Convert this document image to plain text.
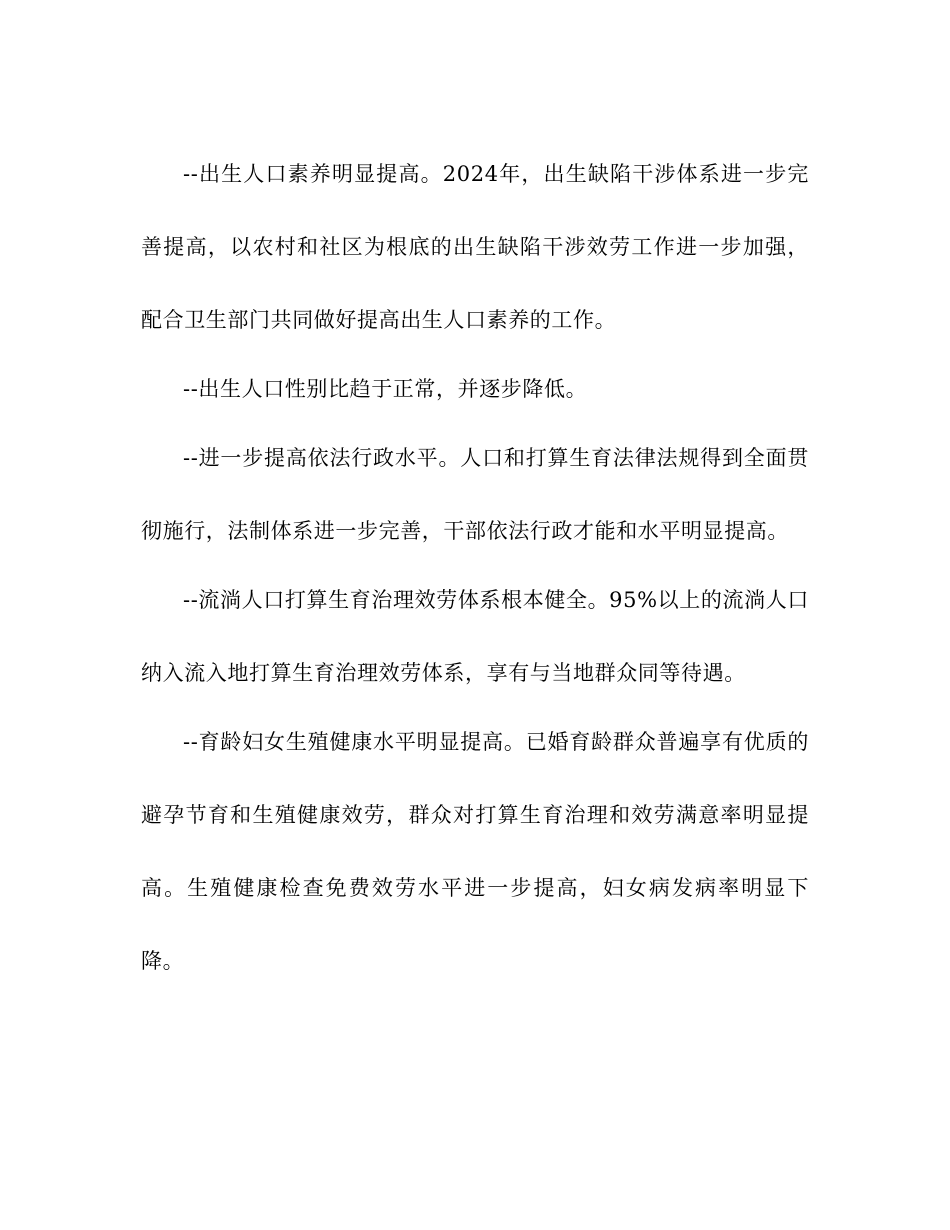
--出生人口素养明显提高。2024年，出生缺陷干涉体系进一步完善提高，以农村和社区为根底的出生缺陷干涉效劳工作进一步加强，配合卫生部门共同做好提高出生人口素养的工作。

--出生人口性别比趋于正常，并逐步降低。

--进一步提高依法行政水平。人口和打算生育法律法规得到全面贯彻施行，法制体系进一步完善，干部依法行政才能和水平明显提高。

--流淌人口打算生育治理效劳体系根本健全。95%以上的流淌人口纳入流入地打算生育治理效劳体系，享有与当地群众同等待遇。

--育龄妇女生殖健康水平明显提高。已婚育龄群众普遍享有优质的避孕节育和生殖健康效劳，群众对打算生育治理和效劳满意率明显提高。生殖健康检查免费效劳水平进一步提高，妇女病发病率明显下降。
